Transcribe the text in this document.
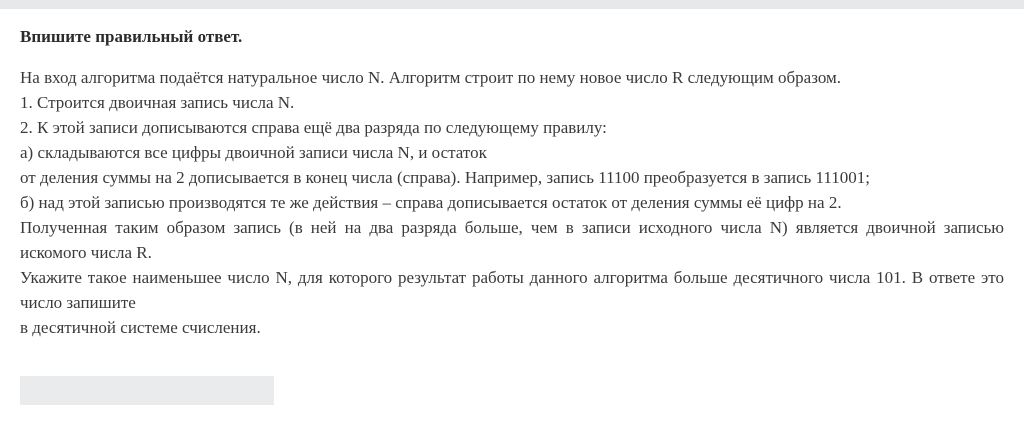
Впишите правильный ответ.

На вход алгоритма подаётся натуральное число N. Алгоритм строит по нему новое число R следующим образом.

1. Строится двоичная запись числа N.

2. К этой записи дописываются справа ещё два разряда по следующему правилу:

а) складываются все цифры двоичной записи числа N, и остаток

от деления суммы на 2 дописывается в конец числа (справа). Например, запись 11100 преобразуется в запись 111001;

б) над этой записью производятся те же действия – справа дописывается остаток от деления суммы её цифр на 2.

Полученная таким образом запись (в ней на два разряда больше, чем в записи исходного числа N) является двоичной записью искомого числа R.

Укажите такое наименьшее число N, для которого результат работы данного алгоритма больше десятичного числа 101. В ответе это число запишите

в десятичной системе счисления.
